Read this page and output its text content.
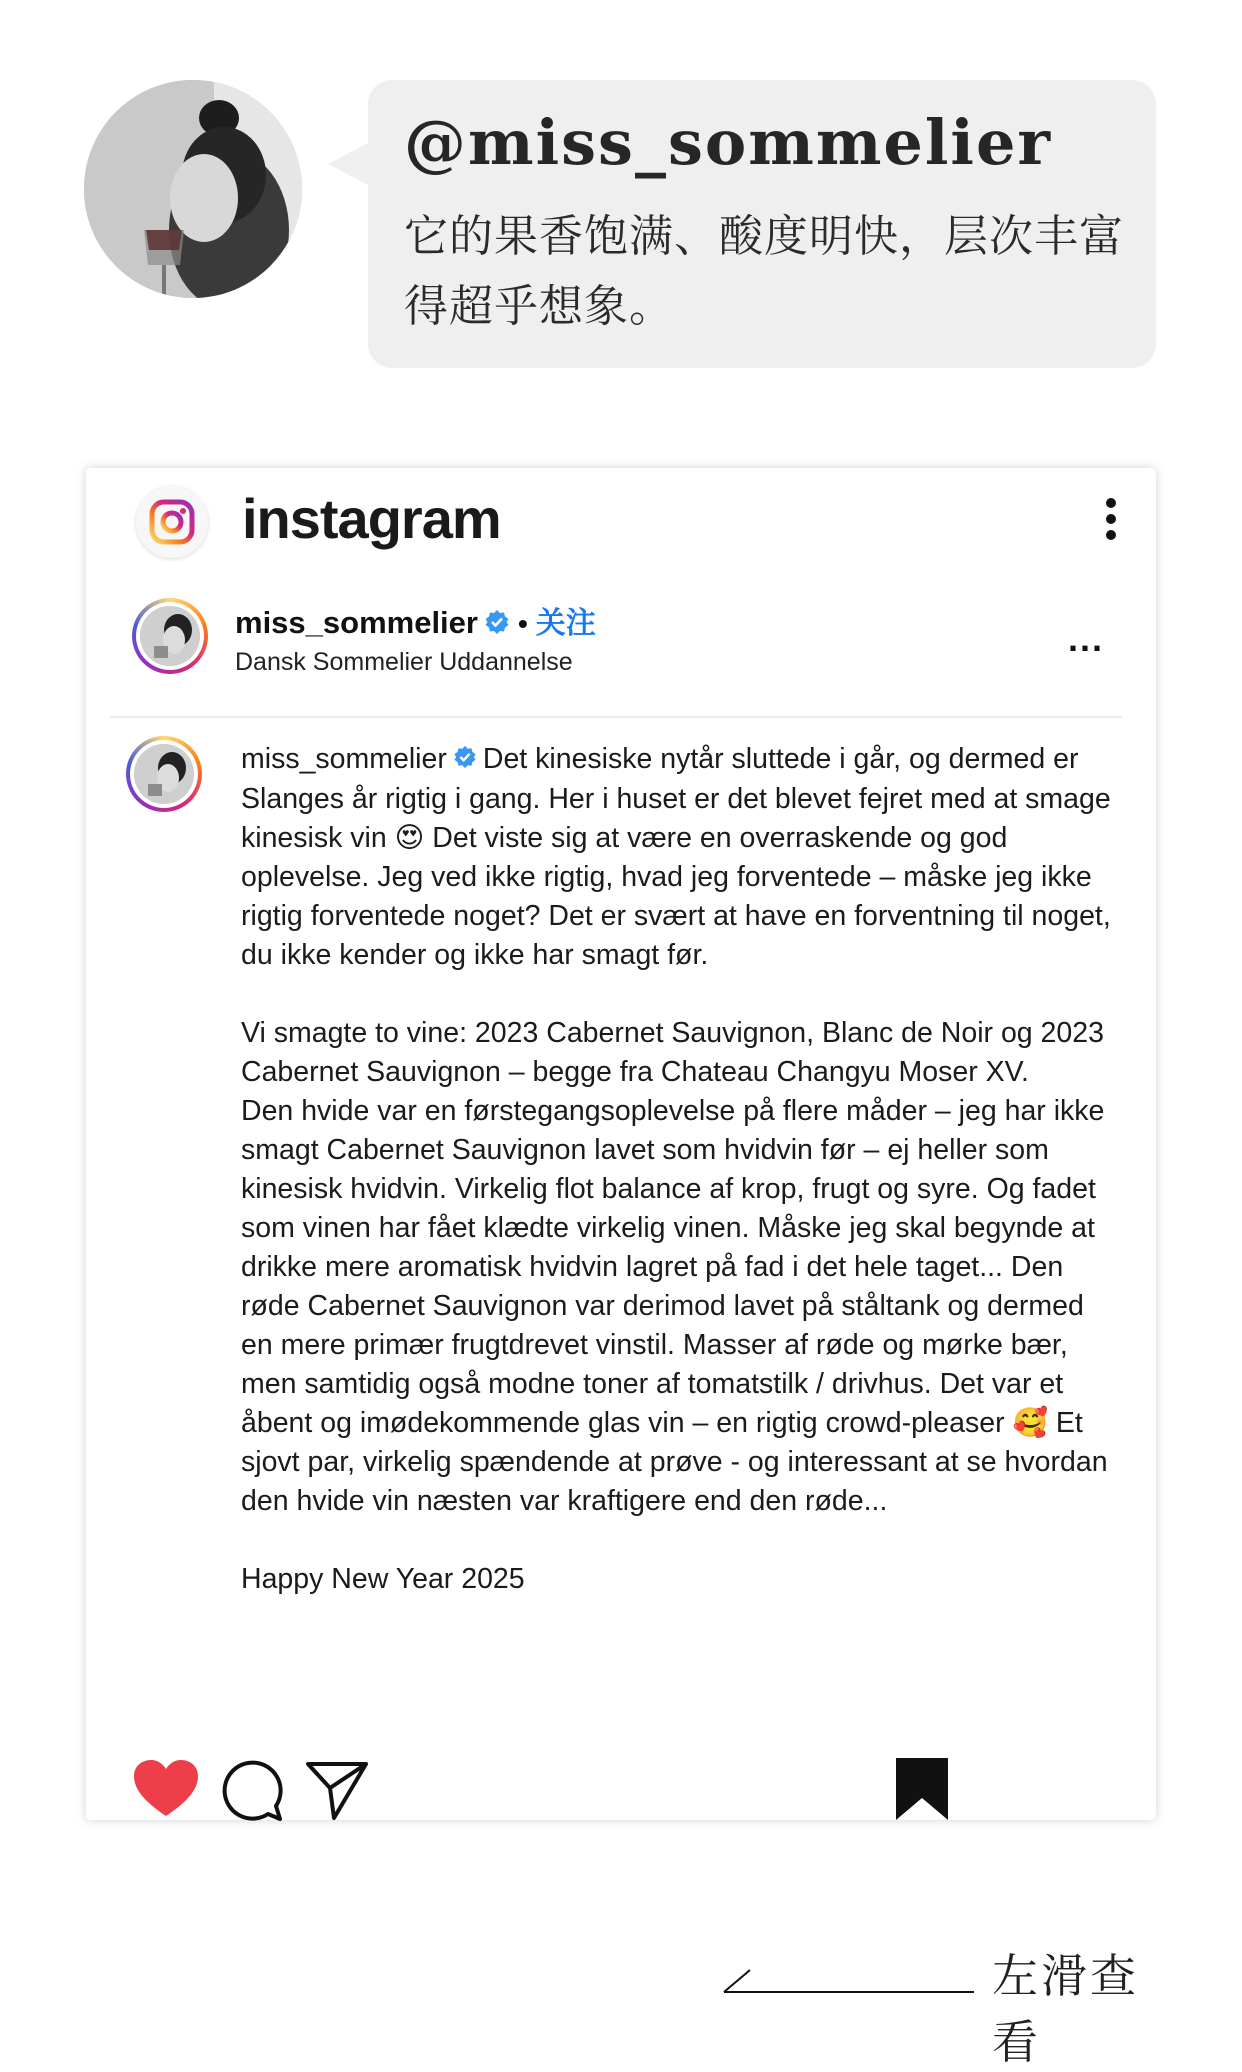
@miss_sommelier
它的果香饱满、酸度明快，层次丰富得超乎想象。
instagram
miss_sommelier • 关注
Dansk Sommelier Uddannelse
...

miss_sommelier Det kinesiske nytår sluttede i går, og dermed er Slanges år rigtig i gang. Her i huset er det blevet fejret med at smage kinesisk vin 😍 Det viste sig at være en overraskende og god oplevelse. Jeg ved ikke rigtig, hvad jeg forventede – måske jeg ikke rigtig forventede noget? Det er svært at have en forventning til noget, du ikke kender og ikke har smagt før.

Vi smagte to vine: 2023 Cabernet Sauvignon, Blanc de Noir og 2023 Cabernet Sauvignon – begge fra Chateau Changyu Moser XV.

Den hvide var en førstegangsoplevelse på flere måder – jeg har ikke smagt Cabernet Sauvignon lavet som hvidvin før – ej heller som kinesisk hvidvin. Virkelig flot balance af krop, frugt og syre. Og fadet som vinen har fået klædte virkelig vinen. Måske jeg skal begynde at drikke mere aromatisk hvidvin lagret på fad i det hele taget... Den røde Cabernet Sauvignon var derimod lavet på ståltank og dermed en mere primær frugtdrevet vinstil. Masser af røde og mørke bær, men samtidig også modne toner af tomatstilk / drivhus. Det var et åbent og imødekommende glas vin – en rigtig crowd-pleaser 🥰 Et sjovt par, virkelig spændende at prøve - og interessant at se hvordan den hvide vin næsten var kraftigere end den røde...

Happy New Year 2025

左滑查看
